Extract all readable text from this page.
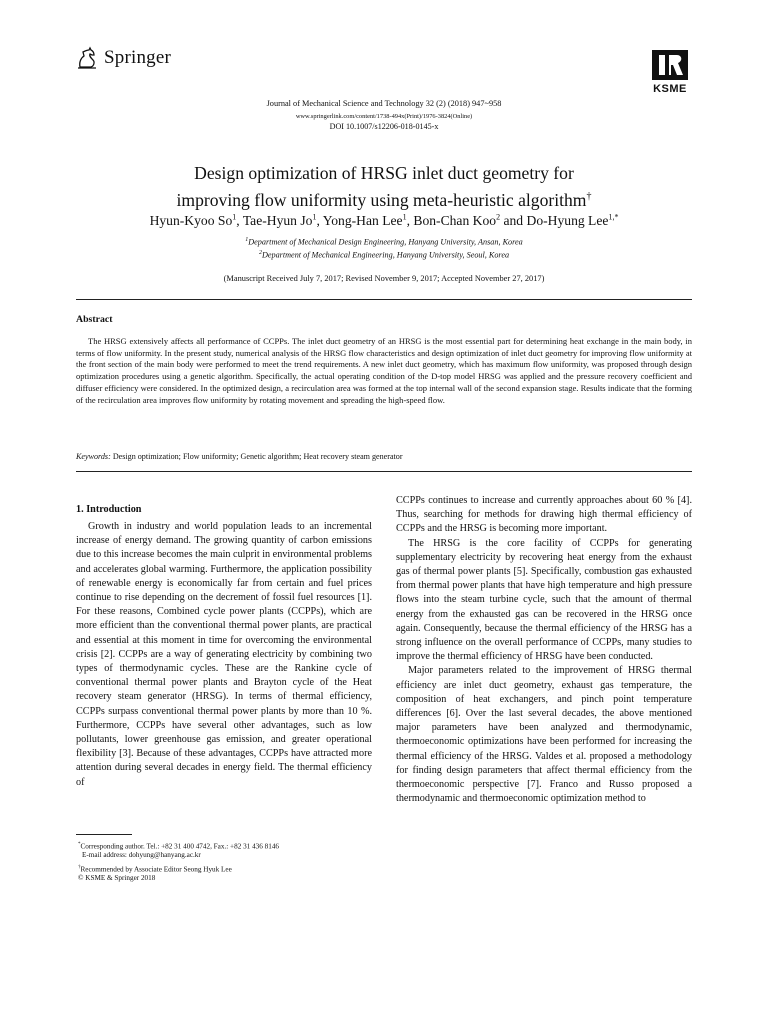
Springer
KSME
Journal of Mechanical Science and Technology 32 (2) (2018) 947~958
www.springerlink.com/content/1738-494x(Print)/1976-3824(Online)
DOI 10.1007/s12206-018-0145-x
Design optimization of HRSG inlet duct geometry for
improving flow uniformity using meta-heuristic algorithm†
Hyun-Kyoo So$^1$, Tae-Hyun Jo$^1$, Yong-Han Lee$^1$, Bon-Chan Koo$^2$ and Do-Hyung Lee$^{1,*}$
$^1$Department of Mechanical Design Engineering, Hanyang University, Ansan, Korea
$^2$Department of Mechanical Engineering, Hanyang University, Seoul, Korea
(Manuscript Received July 7, 2017; Revised November 9, 2017; Accepted November 27, 2017)
Abstract
The HRSG extensively affects all performance of CCPPs. The inlet duct geometry of an HRSG is the most essential part for determining heat exchange in the main body, in terms of flow uniformity. In the present study, numerical analysis of the HRSG flow characteristics and design optimization of inlet duct geometry for improving flow uniformity at the front section of the main body were performed to meet the trend requirements. A new inlet duct geometry, which has maximum flow uniformity, was proposed through design optimization procedures using a genetic algorithm. Specifically, the actual operating condition of the D-top model HRSG was applied and the pressure recovery coefficient and diffuser efficiency were considered. In the optimized design, a recirculation area was formed at the top internal wall of the second expansion stage. Results indicate that the forming of the recirculation area improves flow uniformity by rotating movement and spreading the high-speed flow.
Keywords: Design optimization; Flow uniformity; Genetic algorithm; Heat recovery steam generator
1. Introduction

Growth in industry and world population leads to an incremental increase of energy demand. The growing quantity of carbon emissions due to this increase becomes the main culprit in environmental problems and accelerates global warming. Furthermore, the application possibility of renewable energy is economically far from certain and fuel prices continue to rise depending on the decrement of fossil fuel resources [1]. For these reasons, Combined cycle power plants (CCPPs), which are more efficient than the conventional thermal power plants, are practical and essential at this moment in time for overcoming the environmental crisis [2]. CCPPs are a way of generating electricity by combining two types of thermodynamic cycles. These are the Rankine cycle of conventional thermal power plants and Brayton cycle of the Heat recovery steam generator (HRSG). In terms of thermal efficiency, CCPPs surpass conventional thermal power plants by more than 10 %. Furthermore, CCPPs have several other advantages, such as low pollutants, lower greenhouse gas emission, and greater operational flexibility [3]. Because of these advantages, CCPPs have attracted more attention during several decades in energy field. The thermal efficiency of

CCPPs continues to increase and currently approaches about 60 % [4]. Thus, searching for methods for drawing high thermal efficiency of CCPPs and the HRSG is becoming more important.

The HRSG is the core facility of CCPPs for generating supplementary electricity by recovering heat energy from the exhaust gas of thermal power plants [5]. Specifically, combustion gas exhausted from thermal power plants that have high temperature and high pressure flows into the steam turbine cycle, such that the amount of thermal energy from the exhausted gas can be recovered in the HRSG once again. Consequently, because the thermal efficiency of the HRSG has a strong influence on the overall performance of CCPPs, many studies to improve the thermal efficiency of HRSG have been conducted.

Major parameters related to the improvement of HRSG thermal efficiency are inlet duct geometry, exhaust gas temperature, the composition of heat exchangers, and pinch point temperature differences [6]. Over the last several decades, the above mentioned major parameters have been analyzed and thermodynamic, thermoeconomic optimizations have been performed for increasing the thermal efficiency of the HRSG. Valdes et al. proposed a methodology for finding design parameters that affect thermal efficiency from the thermoeconomic perspective [7]. Franco and Russo proposed a thermodynamic and thermoeconomic optimization method to

*Corresponding author. Tel.: +82 31 400 4742, Fax.: +82 31 436 8146
E-mail address: dohyung@hanyang.ac.kr
†Recommended by Associate Editor Seong Hyuk Lee
© KSME & Springer 2018
